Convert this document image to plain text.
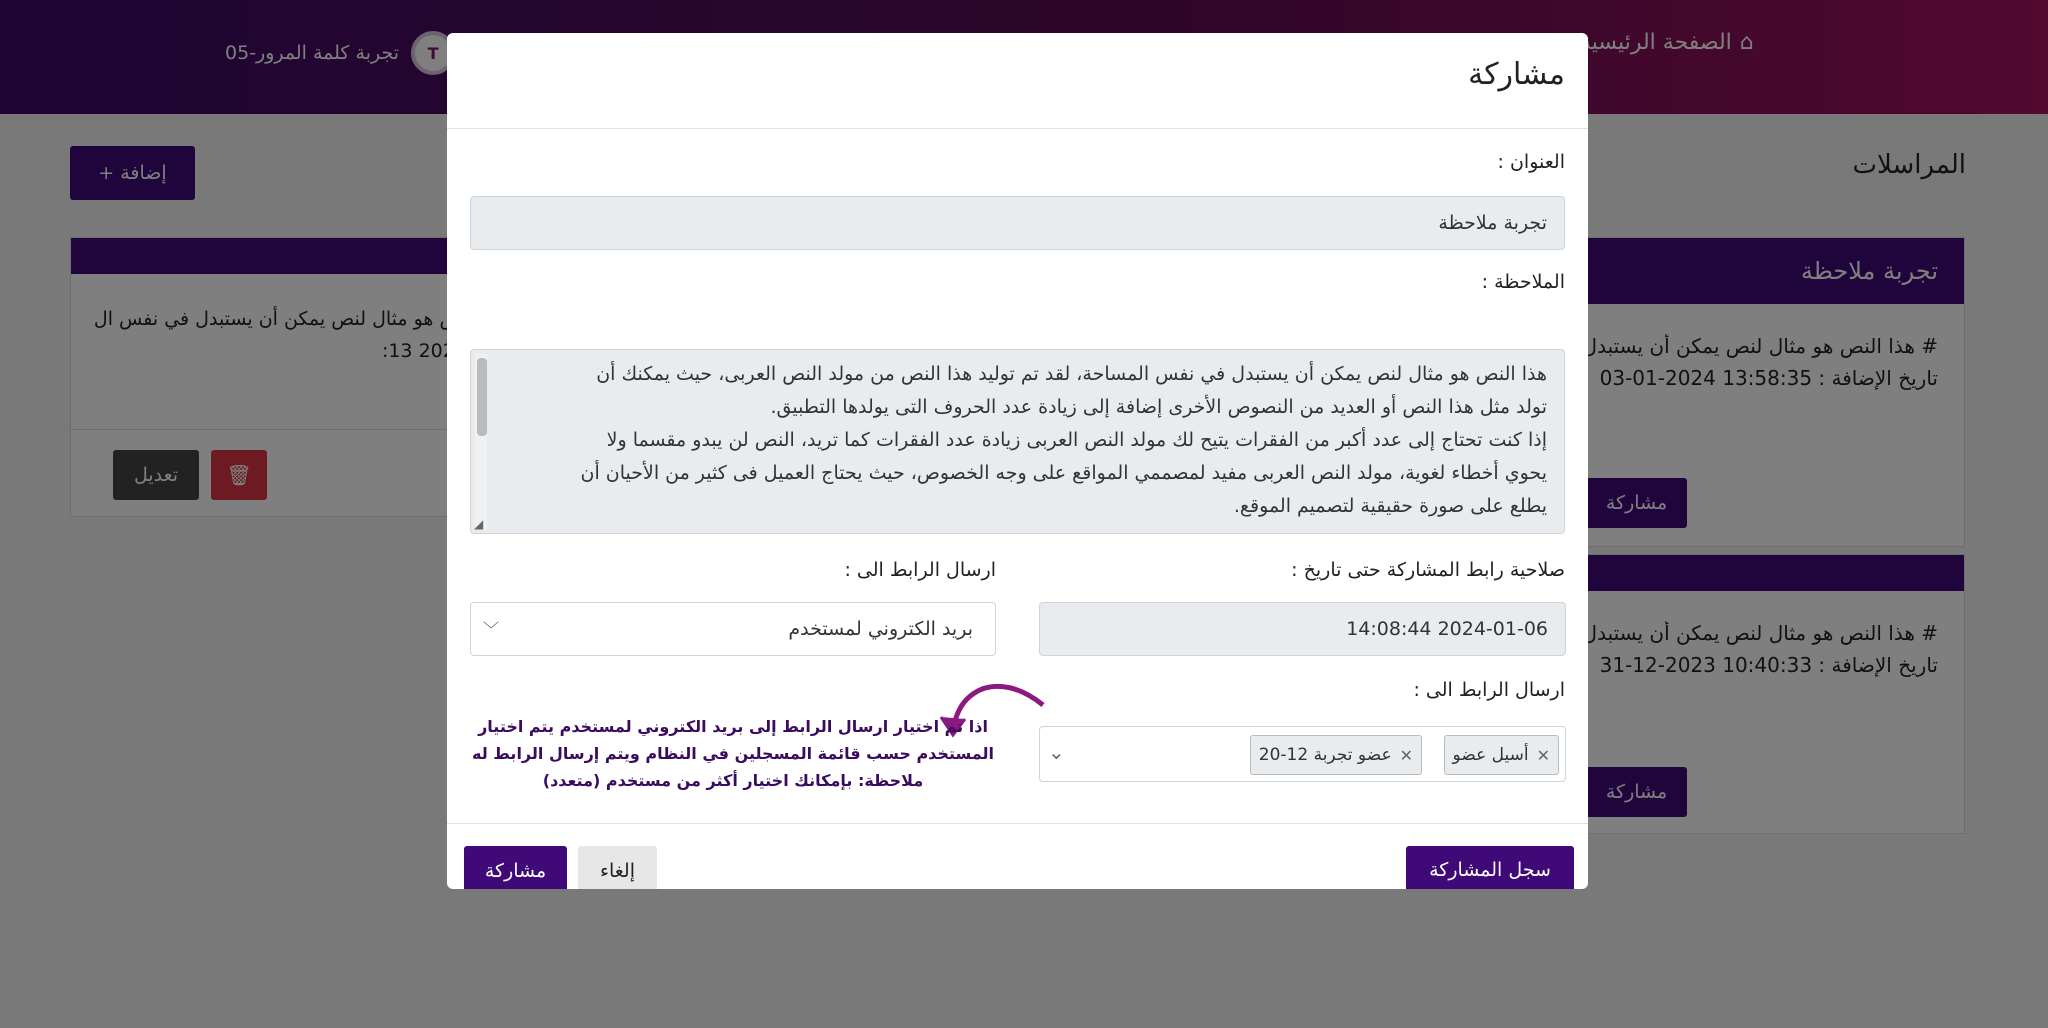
مشاركة
العنوان :
تجربة ملاحظة
الملاحظة :
هذا النص هو مثال لنص يمكن أن يستبدل في نفس المساحة، لقد تم توليد هذا النص من مولد النص العربى، حيث يمكنك أن
تولد مثل هذا النص أو العديد من النصوص الأخرى إضافة إلى زيادة عدد الحروف التى يولدها التطبيق.
إذا كنت تحتاج إلى عدد أكبر من الفقرات يتيح لك مولد النص العربى زيادة عدد الفقرات كما تريد، النص لن يبدو مقسما ولا
يحوي أخطاء لغوية، مولد النص العربى مفيد لمصممي المواقع على وجه الخصوص، حيث يحتاج العميل فى كثير من الأحيان أن
يطلع على صورة حقيقية لتصميم الموقع.
◢
صلاحية رابط المشاركة حتى تاريخ :
2024-01-06 14:08:44
ارسال الرابط الى :
بريد الكتروني لمستخدم
﹀
ارسال الرابط الى :
✕
أسيل عضو
✕
عضو تجربة 12-20
⌄
اذا تم اختيار ارسال الرابط إلى بريد الكتروني لمستخدم يتم اختيار
المستخدم حسب قائمة المسجلين في النظام ويتم إرسال الرابط له
ملاحظة: بإمكانك اختيار أكثر من مستخدم (متعدد)
سجل المشاركة
إلغاء
مشاركة
